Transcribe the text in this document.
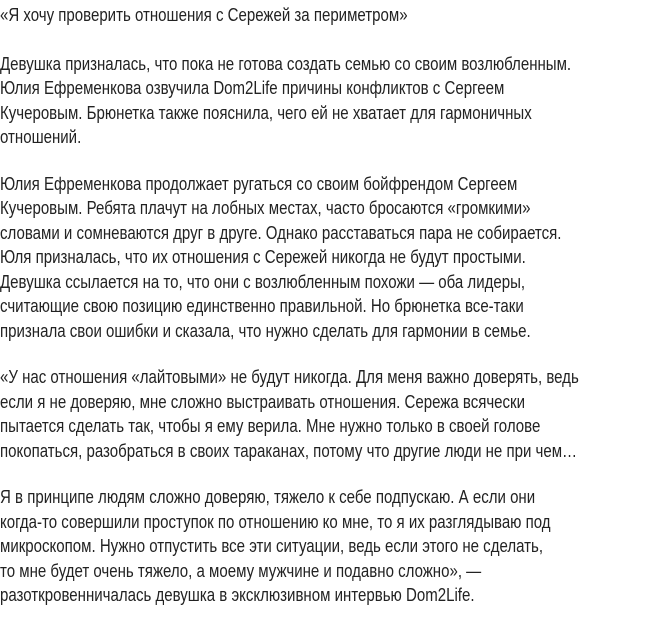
«Я хочу проверить отношения с Сережей за периметром»

Девушка призналась, что пока не готова создать семью со своим возлюбленным.
Юлия Ефременкова озвучила Dom2Life причины конфликтов с Сергеем
Кучеровым. Брюнетка также пояснила, чего ей не хватает для гармоничных
отношений.

Юлия Ефременкова продолжает ругаться со своим бойфрендом Сергеем
Кучеровым. Ребята плачут на лобных местах, часто бросаются «громкими»
словами и сомневаются друг в друге. Однако расставаться пара не собирается.
Юля призналась, что их отношения с Сережей никогда не будут простыми.
Девушка ссылается на то, что они с возлюбленным похожи — оба лидеры,
считающие свою позицию единственно правильной. Но брюнетка все-таки
признала свои ошибки и сказала, что нужно сделать для гармонии в семье.

«У нас отношения «лайтовыми» не будут никогда. Для меня важно доверять, ведь
если я не доверяю, мне сложно выстраивать отношения. Сережа всячески
пытается сделать так, чтобы я ему верила. Мне нужно только в своей голове
покопаться, разобраться в своих тараканах, потому что другие люди не при чем…

Я в принципе людям сложно доверяю, тяжело к себе подпускаю. А если они
когда-то совершили проступок по отношению ко мне, то я их разглядываю под
микроскопом. Нужно отпустить все эти ситуации, ведь если этого не сделать,
то мне будет очень тяжело, а моему мужчине и подавно сложно», —
разоткровенничалась девушка в эксклюзивном интервью Dom2Life.
